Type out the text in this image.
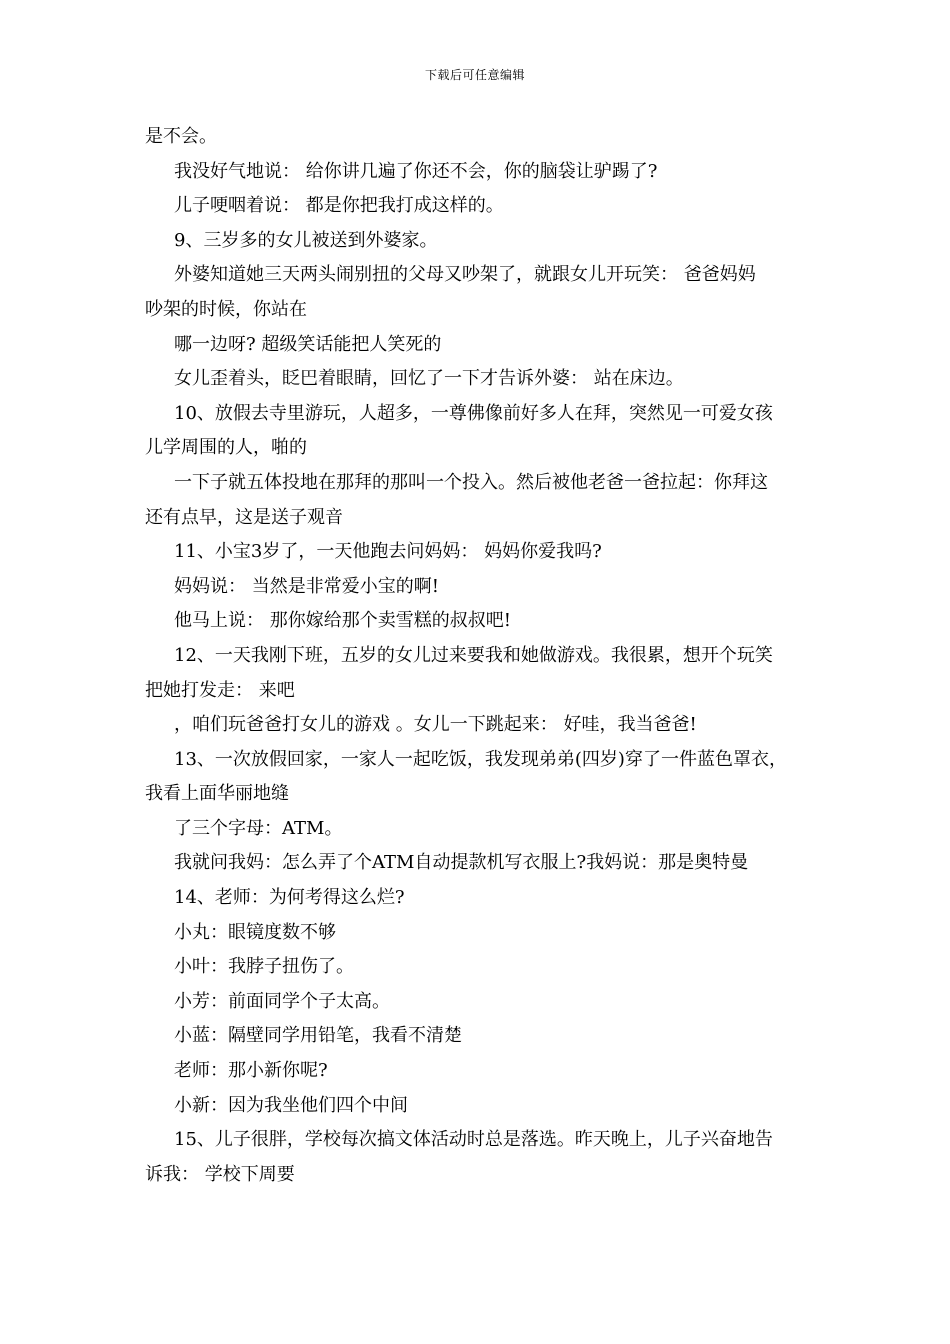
下载后可任意编辑
是不会。
我没好气地说： 给你讲几遍了你还不会，你的脑袋让驴踢了?
儿子哽咽着说： 都是你把我打成这样的。
9、三岁多的女儿被送到外婆家。
外婆知道她三天两头闹别扭的父母又吵架了，就跟女儿开玩笑： 爸爸妈妈
吵架的时候，你站在
哪一边呀? 超级笑话能把人笑死的
女儿歪着头，眨巴着眼睛，回忆了一下才告诉外婆： 站在床边。
10、放假去寺里游玩，人超多，一尊佛像前好多人在拜，突然见一可爱女孩
儿学周围的人，啪的
一下子就五体投地在那拜的那叫一个投入。然后被他老爸一爸拉起：你拜这
还有点早，这是送子观音
11、小宝3岁了，一天他跑去问妈妈： 妈妈你爱我吗?
妈妈说： 当然是非常爱小宝的啊!
他马上说： 那你嫁给那个卖雪糕的叔叔吧!
12、一天我刚下班，五岁的女儿过来要我和她做游戏。我很累，想开个玩笑
把她打发走： 来吧
，咱们玩爸爸打女儿的游戏 。女儿一下跳起来： 好哇，我当爸爸!
13、一次放假回家，一家人一起吃饭，我发现弟弟(四岁)穿了一件蓝色罩衣，
我看上面华丽地缝
了三个字母：ATM。
我就问我妈：怎么弄了个ATM自动提款机写衣服上?我妈说：那是奥特曼
14、老师：为何考得这么烂?
小丸：眼镜度数不够
小叶：我脖子扭伤了。
小芳：前面同学个子太高。
小蓝：隔壁同学用铅笔，我看不清楚
老师：那小新你呢?
小新：因为我坐他们四个中间
15、儿子很胖，学校每次搞文体活动时总是落选。昨天晚上，儿子兴奋地告
诉我： 学校下周要
